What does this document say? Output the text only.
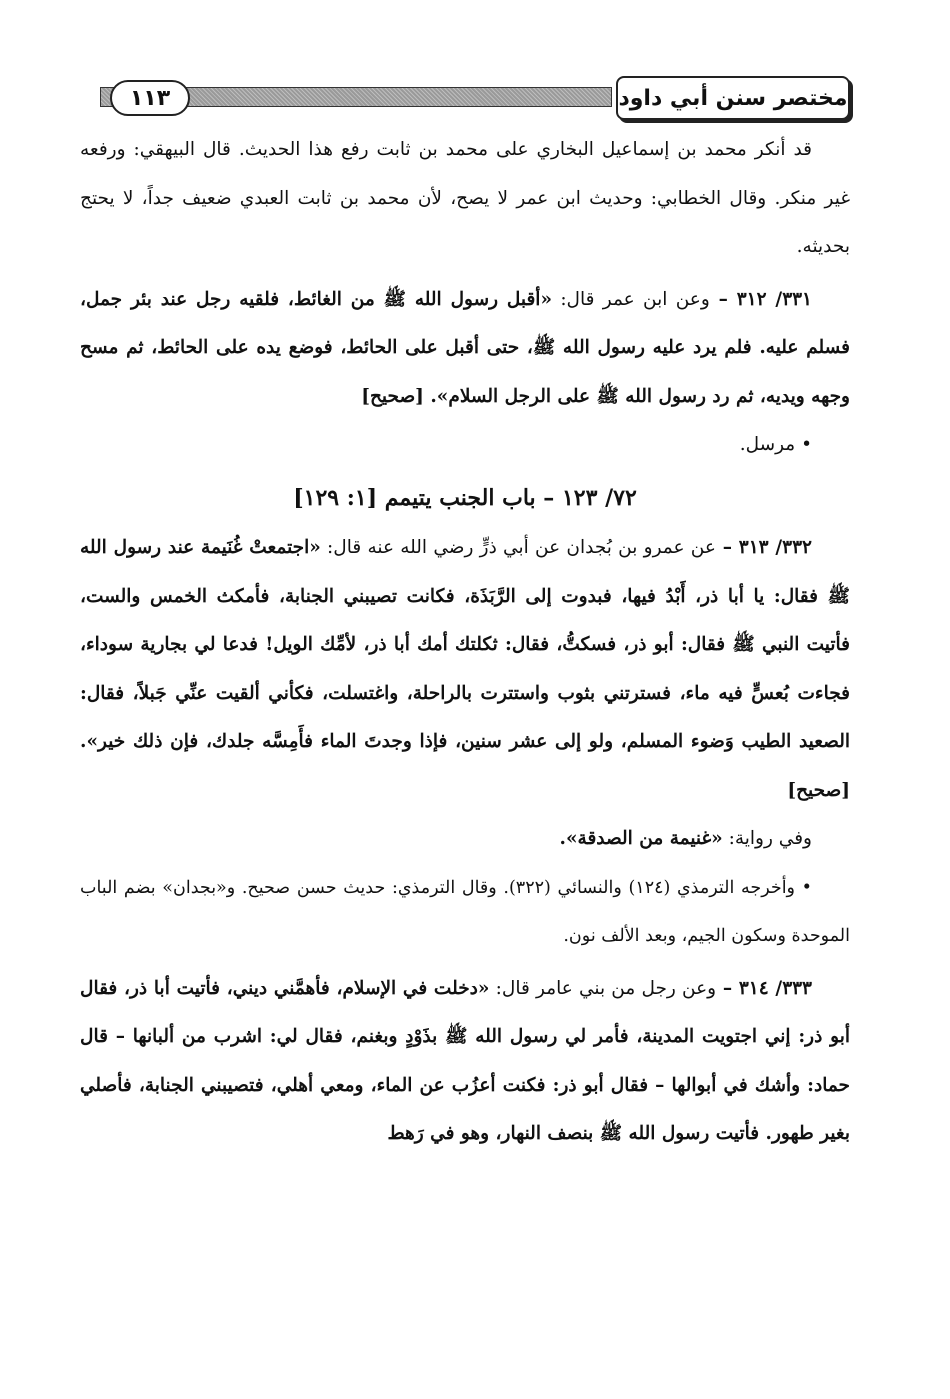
١١٣	مختصر سنن أبي داود

قد أنكر محمد بن إسماعيل البخاري على محمد بن ثابت رفع هذا الحديث. قال البيهقي: ورفعه غير منكر. وقال الخطابي: وحديث ابن عمر لا يصح، لأن محمد بن ثابت العبدي ضعيف جداً، لا يحتج بحديثه.

٣٣١/ ٣١٢ – وعن ابن عمر قال: «أقبل رسول الله ﷺ من الغائط، فلقيه رجل عند بئر جمل، فسلم عليه. فلم يرد عليه رسول الله ﷺ، حتى أقبل على الحائط، فوضع يده على الحائط، ثم مسح وجهه ويديه، ثم رد رسول الله ﷺ على الرجل السلام». [صحيح]

• مرسل.

٧٢/ ١٢٣ – باب الجنب يتيمم [١: ١٢٩]

٣٣٢/ ٣١٣ – عن عمرو بن بُجدان عن أبي ذرٍّ رضي الله عنه قال: «اجتمعتْ غُنَيمة عند رسول الله ﷺ فقال: يا أبا ذر، أَبْدُ فيها، فبدوت إلى الرَّبَذَة، فكانت تصيبني الجنابة، فأمكث الخمس والست، فأتيت النبي ﷺ فقال: أبو ذر، فسكتُّ، فقال: ثكلتك أمك أبا ذر، لأمِّك الويل! فدعا لي بجارية سوداء، فجاءت بُعسٍّ فيه ماء، فسترتني بثوب واستترت بالراحلة، واغتسلت، فكأني ألقيت عنِّي جَبلاً، فقال: الصعيد الطيب وَضوء المسلم، ولو إلى عشر سنين، فإذا وجدتَ الماء فأَمِسَّه جلدك، فإن ذلك خير». [صحيح]

وفي رواية: «غنيمة من الصدقة».

• وأخرجه الترمذي (١٢٤) والنسائي (٣٢٢). وقال الترمذي: حديث حسن صحيح. و«بجدان» بضم الباب الموحدة وسكون الجيم، وبعد الألف نون.

٣٣٣/ ٣١٤ – وعن رجل من بني عامر قال: «دخلت في الإسلام، فأهمَّني ديني، فأتيت أبا ذر، فقال أبو ذر: إني اجتويت المدينة، فأمر لي رسول الله ﷺ بذَوْدٍ وبغنم، فقال لي: اشرب من ألبانها – قال حماد: وأشك في أبوالها – فقال أبو ذر: فكنت أعزُب عن الماء، ومعي أهلي، فتصيبني الجنابة، فأصلي بغير طهور. فأتيت رسول الله ﷺ بنصف النهار، وهو في رَهط
